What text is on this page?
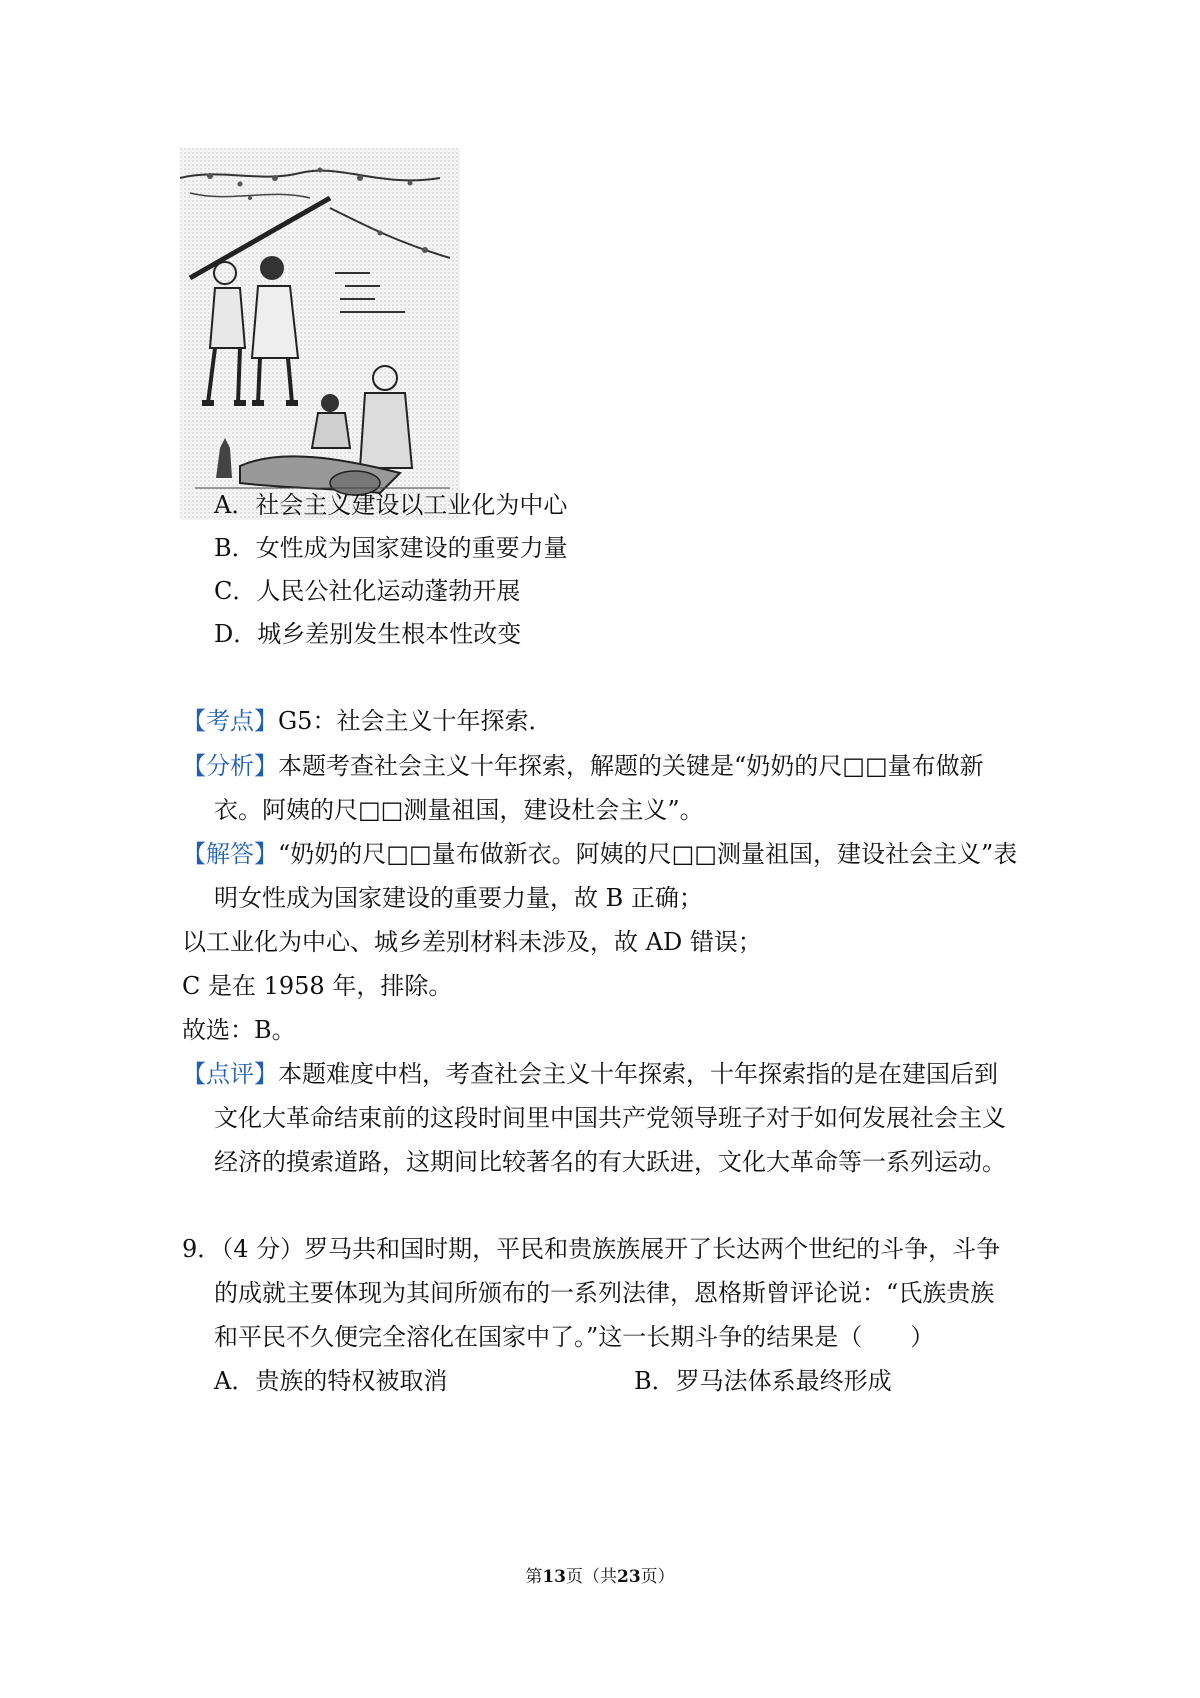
A．社会主义建设以工业化为中心
B．女性成为国家建设的重要力量
C．人民公社化运动蓬勃开展
D．城乡差别发生根本性改变
【考点】G5：社会主义十年探索．
【分析】本题考查社会主义十年探索，解题的关键是“奶奶的尺□□量布做新
衣。阿姨的尺□□测量祖国，建设杜会主义”。
【解答】“奶奶的尺□□量布做新衣。阿姨的尺□□测量祖国，建设社会主义”表
明女性成为国家建设的重要力量，故 B 正确；
以工业化为中心、城乡差别材料未涉及，故 AD 错误；
C 是在 1958 年，排除。
故选：B。
【点评】本题难度中档，考查社会主义十年探索，十年探索指的是在建国后到
文化大革命结束前的这段时间里中国共产党领导班子对于如何发展社会主义
经济的摸索道路，这期间比较著名的有大跃进，文化大革命等一系列运动。
9．（4 分）罗马共和国时期，平民和贵族族展开了长达两个世纪的斗争，斗争
的成就主要体现为其间所颁布的一系列法律，恩格斯曾评论说：“氏族贵族
和平民不久便完全溶化在国家中了。”这一长期斗争的结果是（　　）
A．贵族的特权被取消	B．罗马法体系最终形成
第13页（共23页）
